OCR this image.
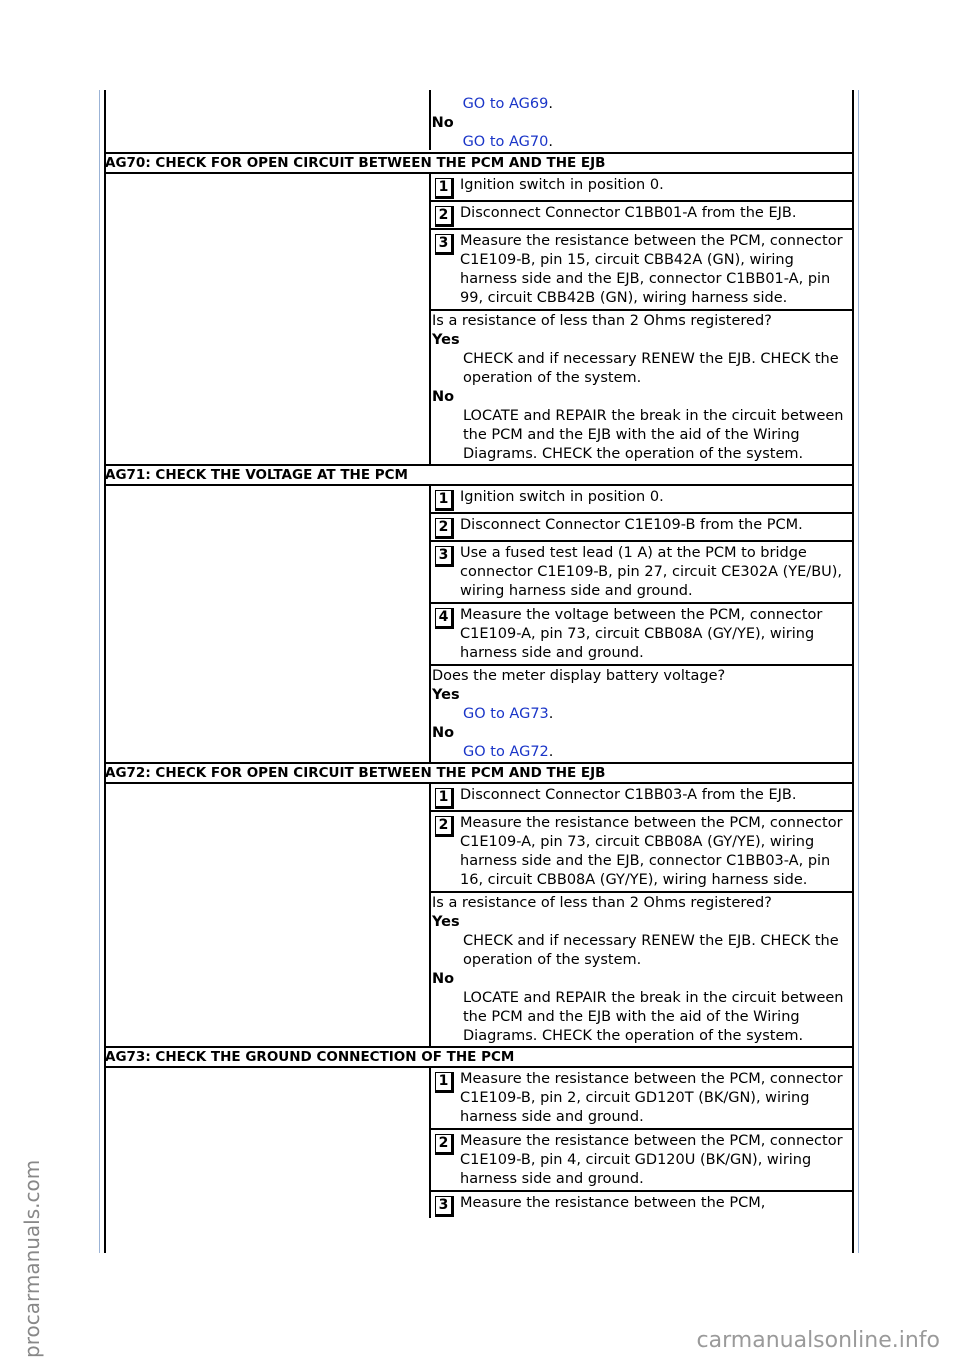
procarmanuals.com	carmanualsonline.info
GO to AG69.
No
GO to AG70.
AG70: CHECK FOR OPEN CIRCUIT BETWEEN THE PCM AND THE EJB
1 Ignition switch in position 0.
2 Disconnect Connector C1BB01-A from the EJB.
3 Measure the resistance between the PCM, connector C1E109-B, pin 15, circuit CBB42A (GN), wiring harness side and the EJB, connector C1BB01-A, pin 99, circuit CBB42B (GN), wiring harness side.
Is a resistance of less than 2 Ohms registered?
Yes
CHECK and if necessary RENEW the EJB. CHECK the operation of the system.
No
LOCATE and REPAIR the break in the circuit between the PCM and the EJB with the aid of the Wiring Diagrams. CHECK the operation of the system.
AG71: CHECK THE VOLTAGE AT THE PCM
1 Ignition switch in position 0.
2 Disconnect Connector C1E109-B from the PCM.
3 Use a fused test lead (1 A) at the PCM to bridge connector C1E109-B, pin 27, circuit CE302A (YE/BU), wiring harness side and ground.
4 Measure the voltage between the PCM, connector C1E109-A, pin 73, circuit CBB08A (GY/YE), wiring harness side and ground.
Does the meter display battery voltage?
Yes
GO to AG73.
No
GO to AG72.
AG72: CHECK FOR OPEN CIRCUIT BETWEEN THE PCM AND THE EJB
1 Disconnect Connector C1BB03-A from the EJB.
2 Measure the resistance between the PCM, connector C1E109-A, pin 73, circuit CBB08A (GY/YE), wiring harness side and the EJB, connector C1BB03-A, pin 16, circuit CBB08A (GY/YE), wiring harness side.
Is a resistance of less than 2 Ohms registered?
Yes
CHECK and if necessary RENEW the EJB. CHECK the operation of the system.
No
LOCATE and REPAIR the break in the circuit between the PCM and the EJB with the aid of the Wiring Diagrams. CHECK the operation of the system.
AG73: CHECK THE GROUND CONNECTION OF THE PCM
1 Measure the resistance between the PCM, connector C1E109-B, pin 2, circuit GD120T (BK/GN), wiring harness side and ground.
2 Measure the resistance between the PCM, connector C1E109-B, pin 4, circuit GD120U (BK/GN), wiring harness side and ground.
3 Measure the resistance between the PCM,
